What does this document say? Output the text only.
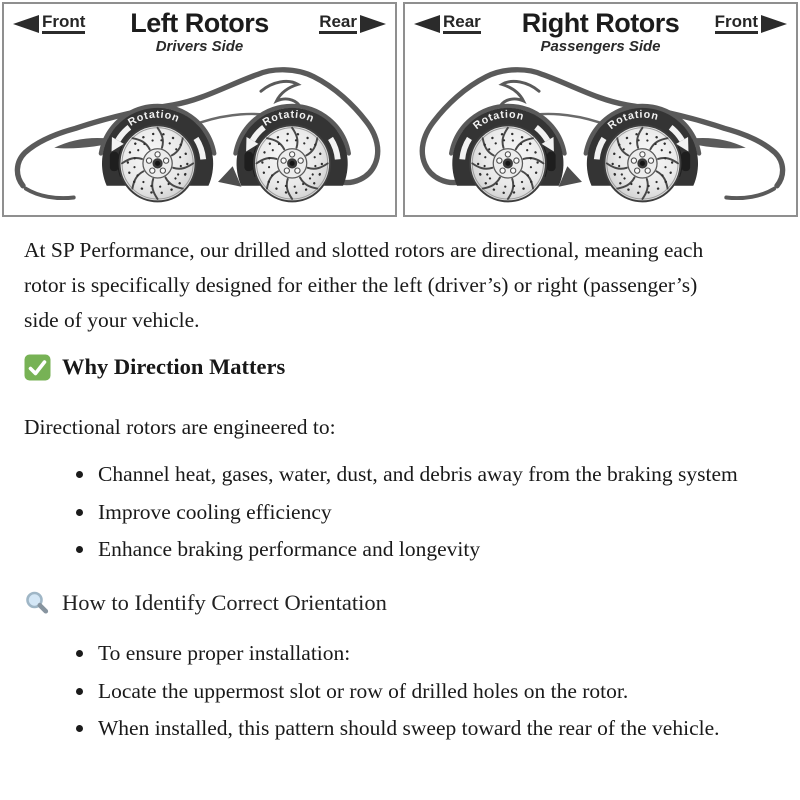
Front	Left Rotors
Drivers Side
Rear
Rotation	Rotation
Rear	Right Rotors
Passengers Side
Front
Rotation
Rotation

At SP Performance, our drilled and slotted rotors are directional, meaning each rotor is specifically designed for either the left (driver’s) or right (passenger’s) side of your vehicle.

Why Direction Matters

Directional rotors are engineered to:

Channel heat, gases, water, dust, and debris away from the braking system
Improve cooling efficiency
Enhance braking performance and longevity
How to Identify Correct Orientation
To ensure proper installation:
Locate the uppermost slot or row of drilled holes on the rotor.
When installed, this pattern should sweep toward the rear of the vehicle.
